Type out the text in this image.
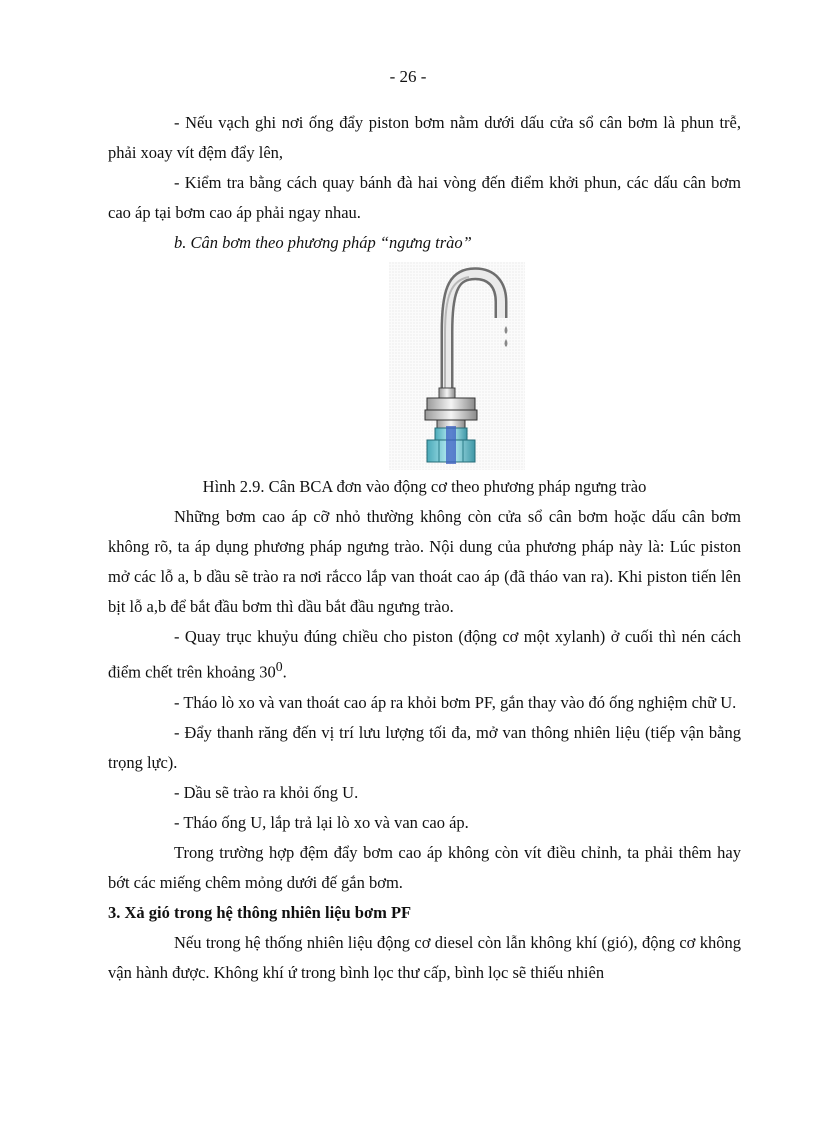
- 26 -

- Nếu vạch ghi nơi ống đẩy piston bơm nằm dưới dấu cửa sổ cân bơm là phun trễ, phải xoay vít đệm đẩy lên,

- Kiểm tra bằng cách quay bánh đà hai vòng đến điểm khởi phun, các dấu cân bơm cao áp tại bơm cao áp phải ngay nhau.

b. Cân bơm theo phương pháp “ngưng trào”

Hình 2.9. Cân BCA đơn vào động cơ theo phương pháp ngưng trào

Những bơm cao áp cỡ nhỏ thường không còn cửa sổ cân bơm hoặc dấu cân bơm không rõ, ta áp dụng phương pháp ngưng trào. Nội dung của phương pháp này là: Lúc piston mở các lỗ a, b dầu sẽ trào ra nơi rắcco lắp van thoát cao áp (đã tháo van ra). Khi piston tiến lên bịt lỗ a,b để bắt đầu bơm thì dầu bắt đầu ngưng trào.

- Quay trục khuỷu đúng chiều cho piston (động cơ một xylanh) ở cuối thì nén cách điểm chết trên khoảng $30^0$.

- Tháo lò xo và van thoát cao áp ra khỏi bơm PF, gắn thay vào đó ống nghiệm chữ U.

- Đẩy thanh răng đến vị trí lưu lượng tối đa, mở van thông nhiên liệu (tiếp vận bằng trọng lực).

- Dầu sẽ trào ra khỏi ống U.

- Tháo ống U, lắp trả lại lò xo và van cao áp.

Trong trường hợp đệm đẩy bơm cao áp không còn vít điều chỉnh, ta phải thêm hay bớt các miếng chêm mỏng dưới đế gắn bơm.

3. Xả gió trong hệ thông nhiên liệu bơm PF

Nếu trong hệ thống nhiên liệu động cơ diesel còn lẫn không khí (gió), động cơ không vận hành được. Không khí ứ trong bình lọc thư cấp, bình lọc sẽ thiếu nhiên
